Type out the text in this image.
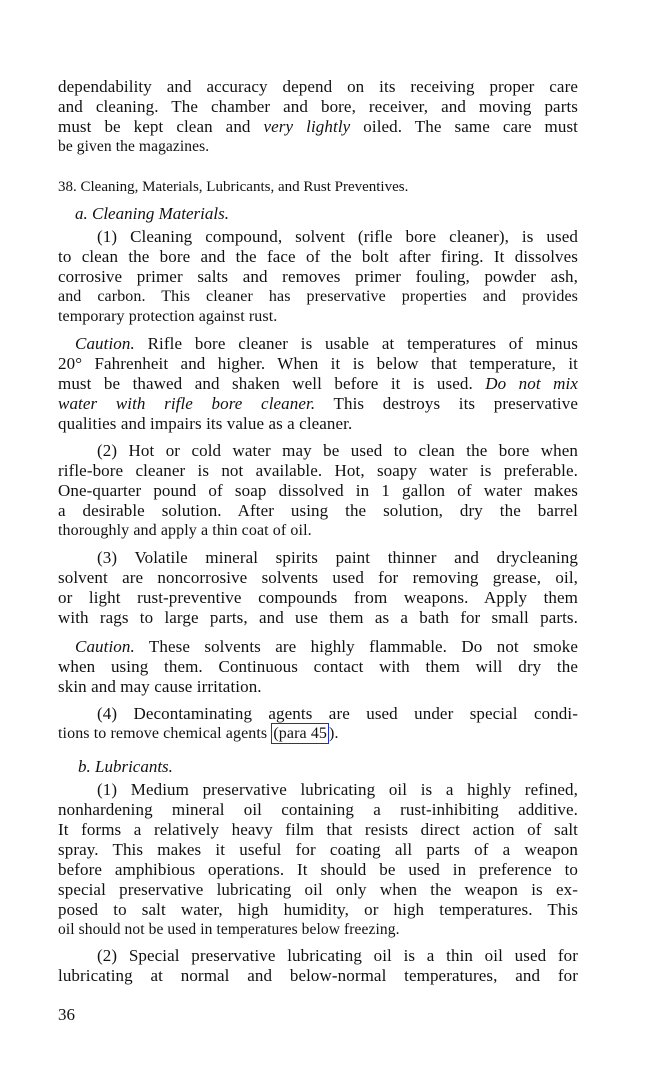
dependability and accuracy depend on its receiving proper care
and cleaning. The chamber and bore, receiver, and moving parts
must be kept clean and very lightly oiled. The same care must
be given the magazines.
38. Cleaning, Materials, Lubricants, and Rust Preventives.
a. Cleaning Materials.
(1) Cleaning compound, solvent (rifle bore cleaner), is used
to clean the bore and the face of the bolt after firing. It dissolves
corrosive primer salts and removes primer fouling, powder ash,
and carbon. This cleaner has preservative properties and provides
temporary protection against rust.
Caution. Rifle bore cleaner is usable at temperatures of minus
20° Fahrenheit and higher. When it is below that temperature, it
must be thawed and shaken well before it is used. Do not mix
water with rifle bore cleaner. This destroys its preservative
qualities and impairs its value as a cleaner.
(2) Hot or cold water may be used to clean the bore when
rifle-bore cleaner is not available. Hot, soapy water is preferable.
One-quarter pound of soap dissolved in 1 gallon of water makes
a desirable solution. After using the solution, dry the barrel
thoroughly and apply a thin coat of oil.
(3) Volatile mineral spirits paint thinner and drycleaning
solvent are noncorrosive solvents used for removing grease, oil,
or light rust-preventive compounds from weapons. Apply them
with rags to large parts, and use them as a bath for small parts.
Caution. These solvents are highly flammable. Do not smoke
when using them. Continuous contact with them will dry the
skin and may cause irritation.
(4) Decontaminating agents are used under special condi-
tions to remove chemical agents (para 45 ).
b. Lubricants.
(1) Medium preservative lubricating oil is a highly refined,
nonhardening mineral oil containing a rust-inhibiting additive.
It forms a relatively heavy film that resists direct action of salt
spray. This makes it useful for coating all parts of a weapon
before amphibious operations. It should be used in preference to
special preservative lubricating oil only when the weapon is ex-
posed to salt water, high humidity, or high temperatures. This
oil should not be used in temperatures below freezing.
(2) Special preservative lubricating oil is a thin oil used for
lubricating at normal and below-normal temperatures, and for
36
